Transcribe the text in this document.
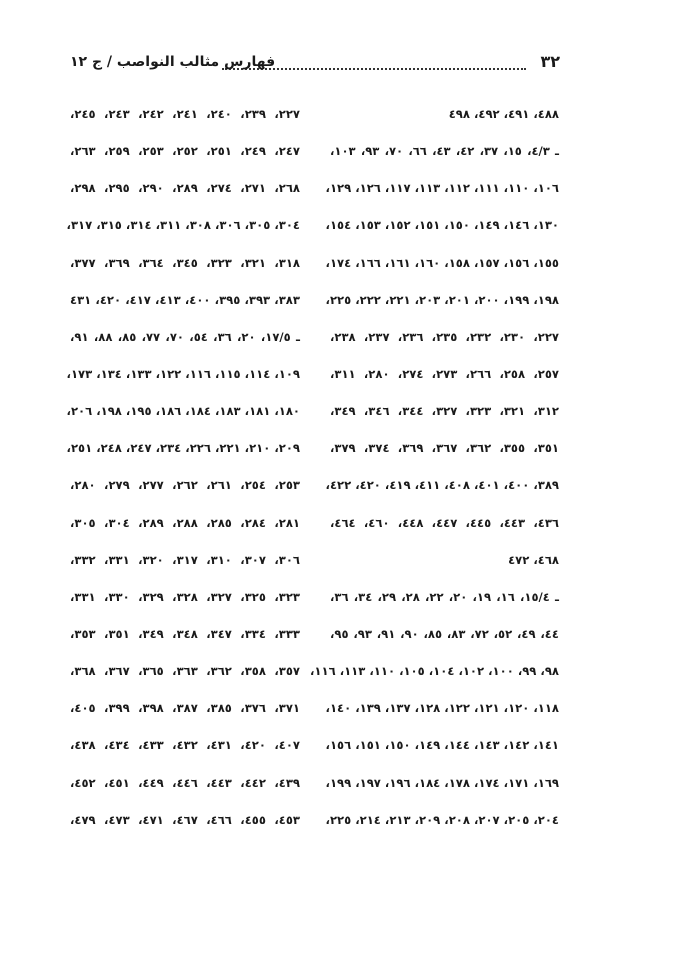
٣٢
فهارس مثالب النواصب / ج ١٢
٤٨٨، ٤٩١، ٤٩٢، ٤٩٨
ـ ٤/٣، ١٥، ٣٧، ٤٢، ٤٣، ٦٦، ٧٠، ٩٣، ١٠٣،
١٠٦، ١١٠، ١١١، ١١٢، ١١٣، ١١٧، ١٢٦، ١٢٩،
١٣٠، ١٤٦، ١٤٩، ١٥٠، ١٥١، ١٥٢، ١٥٣، ١٥٤،
١٥٥، ١٥٦، ١٥٧، ١٥٨، ١٦٠، ١٦١، ١٦٦، ١٧٤،
١٩٨، ١٩٩، ٢٠٠، ٢٠١، ٢٠٣، ٢٢١، ٢٢٢، ٢٢٥،
٢٢٧، ٢٣٠، ٢٣٢، ٢٣٥، ٢٣٦، ٢٣٧، ٢٣٨،
٢٥٧، ٢٥٨، ٢٦٦، ٢٧٣، ٢٧٤، ٢٨٠، ٣١١،
٣١٢، ٣٢١، ٣٢٣، ٣٢٧، ٣٤٤، ٣٤٦، ٣٤٩،
٣٥١، ٣٥٥، ٣٦٢، ٣٦٧، ٣٦٩، ٣٧٤، ٣٧٩،
٣٨٩، ٤٠٠، ٤٠١، ٤٠٨، ٤١١، ٤١٩، ٤٢٠، ٤٢٢،
٤٣٦، ٤٤٣، ٤٤٥، ٤٤٧، ٤٤٨، ٤٦٠، ٤٦٤،
٤٦٨، ٤٧٢
ـ ١٥/٤، ١٦، ١٩، ٢٠، ٢٢، ٢٨، ٢٩، ٣٤، ٣٦،
٤٤، ٤٩، ٥٢، ٧٢، ٨٣، ٨٥، ٩٠، ٩١، ٩٣، ٩٥،
٩٨، ٩٩، ١٠٠، ١٠٢، ١٠٤، ١٠٥، ١١٠، ١١٣، ١١٦،
١١٨، ١٢٠، ١٢١، ١٢٢، ١٢٨، ١٣٧، ١٣٩، ١٤٠،
١٤١، ١٤٢، ١٤٣، ١٤٤، ١٤٩، ١٥٠، ١٥١، ١٥٦،
١٦٩، ١٧١، ١٧٤، ١٧٨، ١٨٤، ١٩٦، ١٩٧، ١٩٩،
٢٠٤، ٢٠٥، ٢٠٧، ٢٠٨، ٢٠٩، ٢١٣، ٢١٤، ٢٢٥،
٢٢٧، ٢٣٩، ٢٤٠، ٢٤١، ٢٤٢، ٢٤٣، ٢٤٥،
٢٤٧، ٢٤٩، ٢٥١، ٢٥٢، ٢٥٣، ٢٥٩، ٢٦٣،
٢٦٨، ٢٧١، ٢٧٤، ٢٨٩، ٢٩٠، ٢٩٥، ٢٩٨،
٣٠٤، ٣٠٥، ٣٠٦، ٣٠٨، ٣١١، ٣١٤، ٣١٥، ٣١٧،
٣١٨، ٣٢١، ٣٢٣، ٣٤٥، ٣٦٤، ٣٦٩، ٣٧٧،
٣٨٣، ٣٩٣، ٣٩٥، ٤٠٠، ٤١٣، ٤١٧، ٤٢٠، ٤٣١
ـ ١٧/٥، ٢٠، ٣٦، ٥٤، ٧٠، ٧٧، ٨٥، ٨٨، ٩١،
١٠٩، ١١٤، ١١٥، ١١٦، ١٢٢، ١٣٣، ١٣٤، ١٧٣،
١٨٠، ١٨١، ١٨٣، ١٨٤، ١٨٦، ١٩٥، ١٩٨، ٢٠٦،
٢٠٩، ٢١٠، ٢٢١، ٢٢٦، ٢٣٤، ٢٤٧، ٢٤٨، ٢٥١،
٢٥٣، ٢٥٤، ٢٦١، ٢٦٢، ٢٧٧، ٢٧٩، ٢٨٠،
٢٨١، ٢٨٤، ٢٨٥، ٢٨٨، ٢٨٩، ٣٠٤، ٣٠٥،
٣٠٦، ٣٠٧، ٣١٠، ٣١٧، ٣٢٠، ٣٣١، ٣٣٢،
٣٢٣، ٣٢٥، ٣٢٧، ٣٢٨، ٣٢٩، ٣٣٠، ٣٣١،
٣٣٣، ٣٣٤، ٣٤٧، ٣٤٨، ٣٤٩، ٣٥١، ٣٥٣،
٣٥٧، ٣٥٨، ٣٦٢، ٣٦٣، ٣٦٥، ٣٦٧، ٣٦٨،
٣٧١، ٣٧٦، ٣٨٥، ٣٨٧، ٣٩٨، ٣٩٩، ٤٠٥،
٤٠٧، ٤٢٠، ٤٣١، ٤٣٢، ٤٣٣، ٤٣٤، ٤٣٨،
٤٣٩، ٤٤٢، ٤٤٣، ٤٤٦، ٤٤٩، ٤٥١، ٤٥٢،
٤٥٣، ٤٥٥، ٤٦٦، ٤٦٧، ٤٧١، ٤٧٣، ٤٧٩،
